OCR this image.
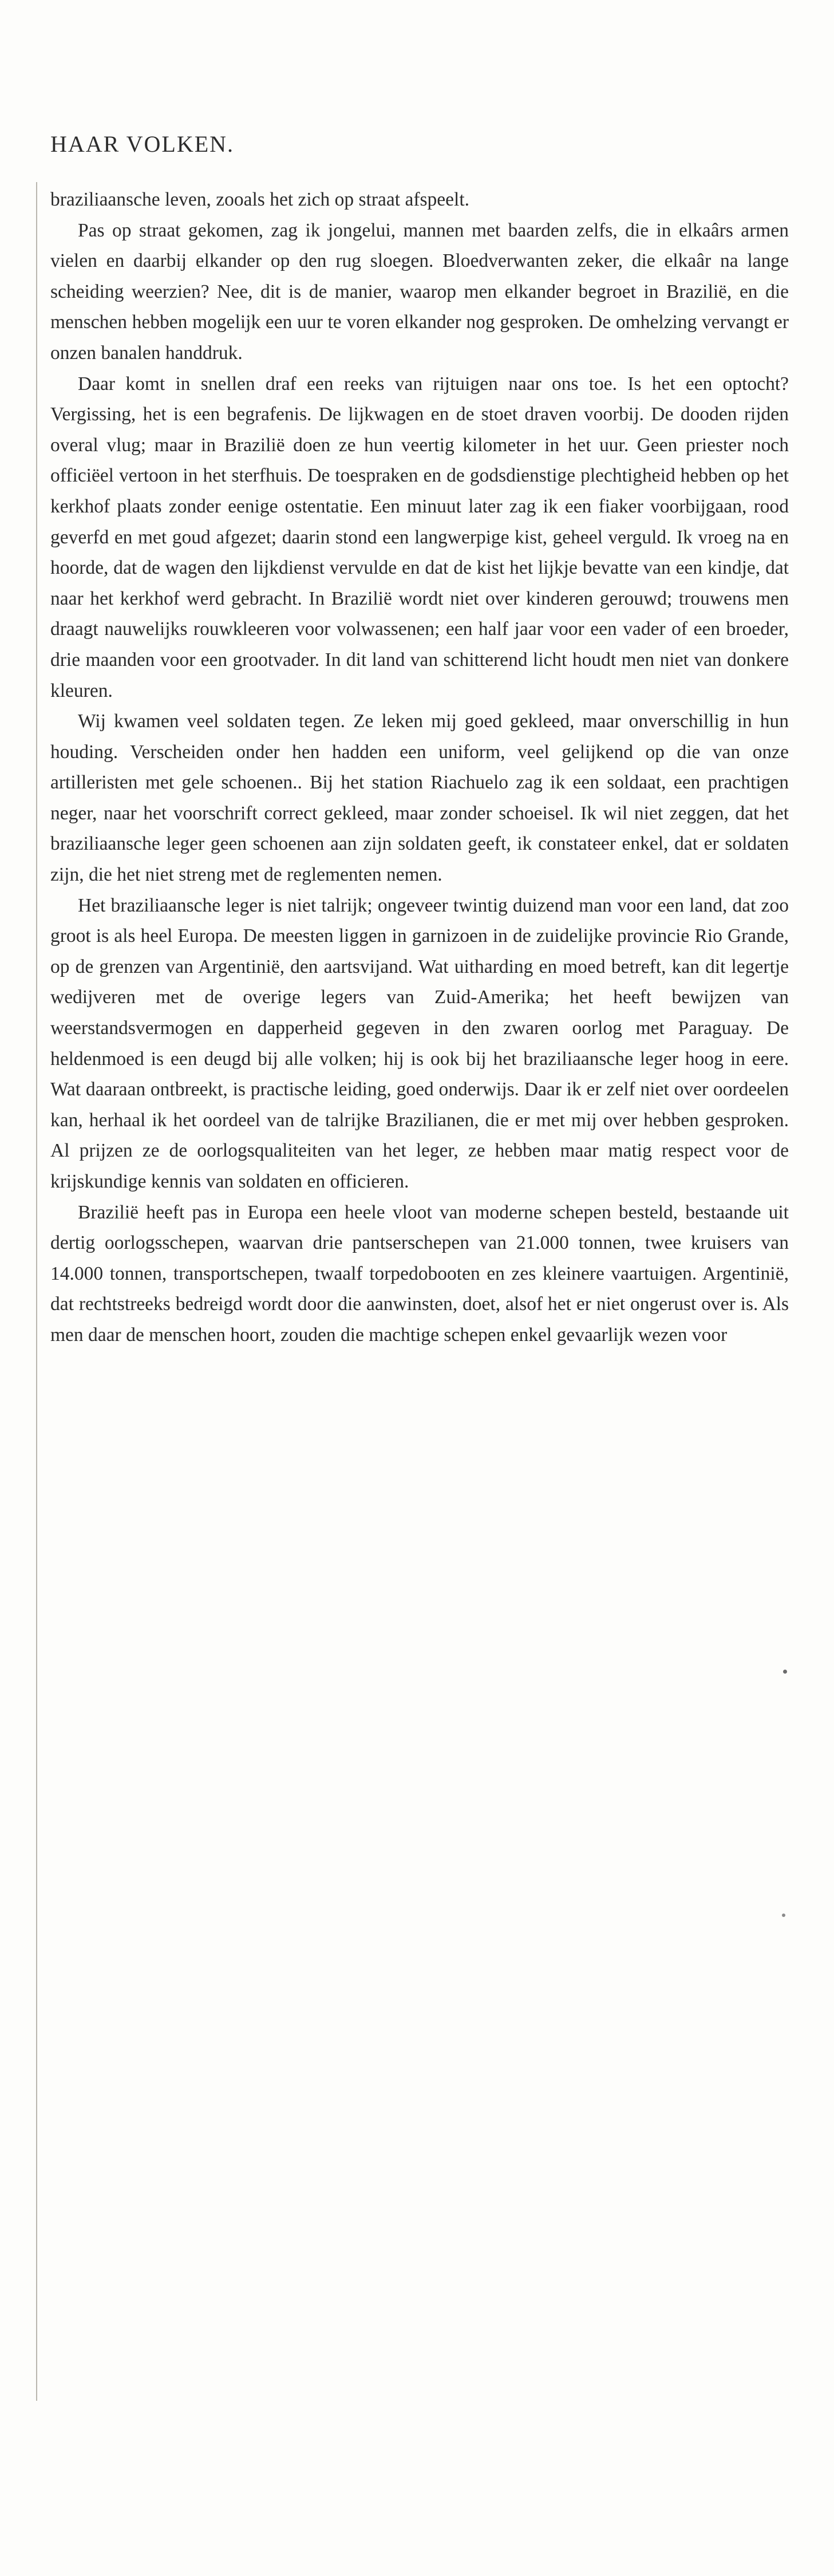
HAAR VOLKEN.

braziliaansche leven, zooals het zich op straat afspeelt.

Pas op straat gekomen, zag ik jongelui, mannen met baarden zelfs, die in elkaârs armen vielen en daarbij elkander op den rug sloegen. Bloedverwanten zeker, die elkaâr na lange scheiding weerzien? Nee, dit is de manier, waarop men elkander begroet in Brazilië, en die menschen hebben mogelijk een uur te voren elkander nog gesproken. De omhelzing vervangt er onzen banalen handdruk.

Daar komt in snellen draf een reeks van rijtuigen naar ons toe. Is het een optocht? Vergissing, het is een begrafenis. De lijkwagen en de stoet draven voorbij. De dooden rijden overal vlug; maar in Brazilië doen ze hun veertig kilometer in het uur. Geen priester noch officiëel vertoon in het sterfhuis. De toespraken en de godsdienstige plechtigheid hebben op het kerkhof plaats zonder eenige ostentatie. Een minuut later zag ik een fiaker voorbijgaan, rood geverfd en met goud afgezet; daarin stond een langwerpige kist, geheel verguld. Ik vroeg na en hoorde, dat de wagen den lijkdienst vervulde en dat de kist het lijkje bevatte van een kindje, dat naar het kerkhof werd gebracht. In Brazilië wordt niet over kinderen gerouwd; trouwens men draagt nauwelijks rouwkleeren voor volwassenen; een half jaar voor een vader of een broeder, drie maanden voor een grootvader. In dit land van schitterend licht houdt men niet van donkere kleuren.

Wij kwamen veel soldaten tegen. Ze leken mij goed gekleed, maar onverschillig in hun houding. Verscheiden onder hen hadden een uniform, veel gelijkend op die van onze artilleristen met gele schoenen.. Bij het station Riachuelo zag ik een soldaat, een prachtigen neger, naar het voorschrift correct gekleed, maar zonder schoeisel. Ik wil niet zeggen, dat het braziliaansche leger geen schoenen aan zijn soldaten geeft, ik constateer enkel, dat er soldaten zijn, die het niet streng met de reglementen nemen.

Het braziliaansche leger is niet talrijk; ongeveer twintig duizend man voor een land, dat zoo groot is als heel Europa. De meesten liggen in garnizoen in de zuidelijke provincie Rio Grande, op de grenzen van Argentinië, den aartsvijand. Wat uitharding en moed betreft, kan dit legertje wedijveren met de overige legers van Zuid-Amerika; het heeft bewijzen van weerstandsvermogen en dapperheid gegeven in den zwaren oorlog met Paraguay. De heldenmoed is een deugd bij alle volken; hij is ook bij het braziliaansche leger hoog in eere. Wat daaraan ontbreekt, is practische leiding, goed onderwijs. Daar ik er zelf niet over oordeelen kan, herhaal ik het oordeel van de talrijke Brazilianen, die er met mij over hebben gesproken. Al prijzen ze de oorlogsqualiteiten van het leger, ze hebben maar matig respect voor de krijskundige kennis van soldaten en officieren.

Brazilië heeft pas in Europa een heele vloot van moderne schepen besteld, bestaande uit dertig oorlogsschepen, waarvan drie pantserschepen van 21.000 tonnen, twee kruisers van 14.000 tonnen, transportschepen, twaalf torpedobooten en zes kleinere vaartuigen. Argentinië, dat rechtstreeks bedreigd wordt door die aanwinsten, doet, alsof het er niet ongerust over is. Als men daar de menschen hoort, zouden die machtige schepen enkel gevaarlijk wezen voor
